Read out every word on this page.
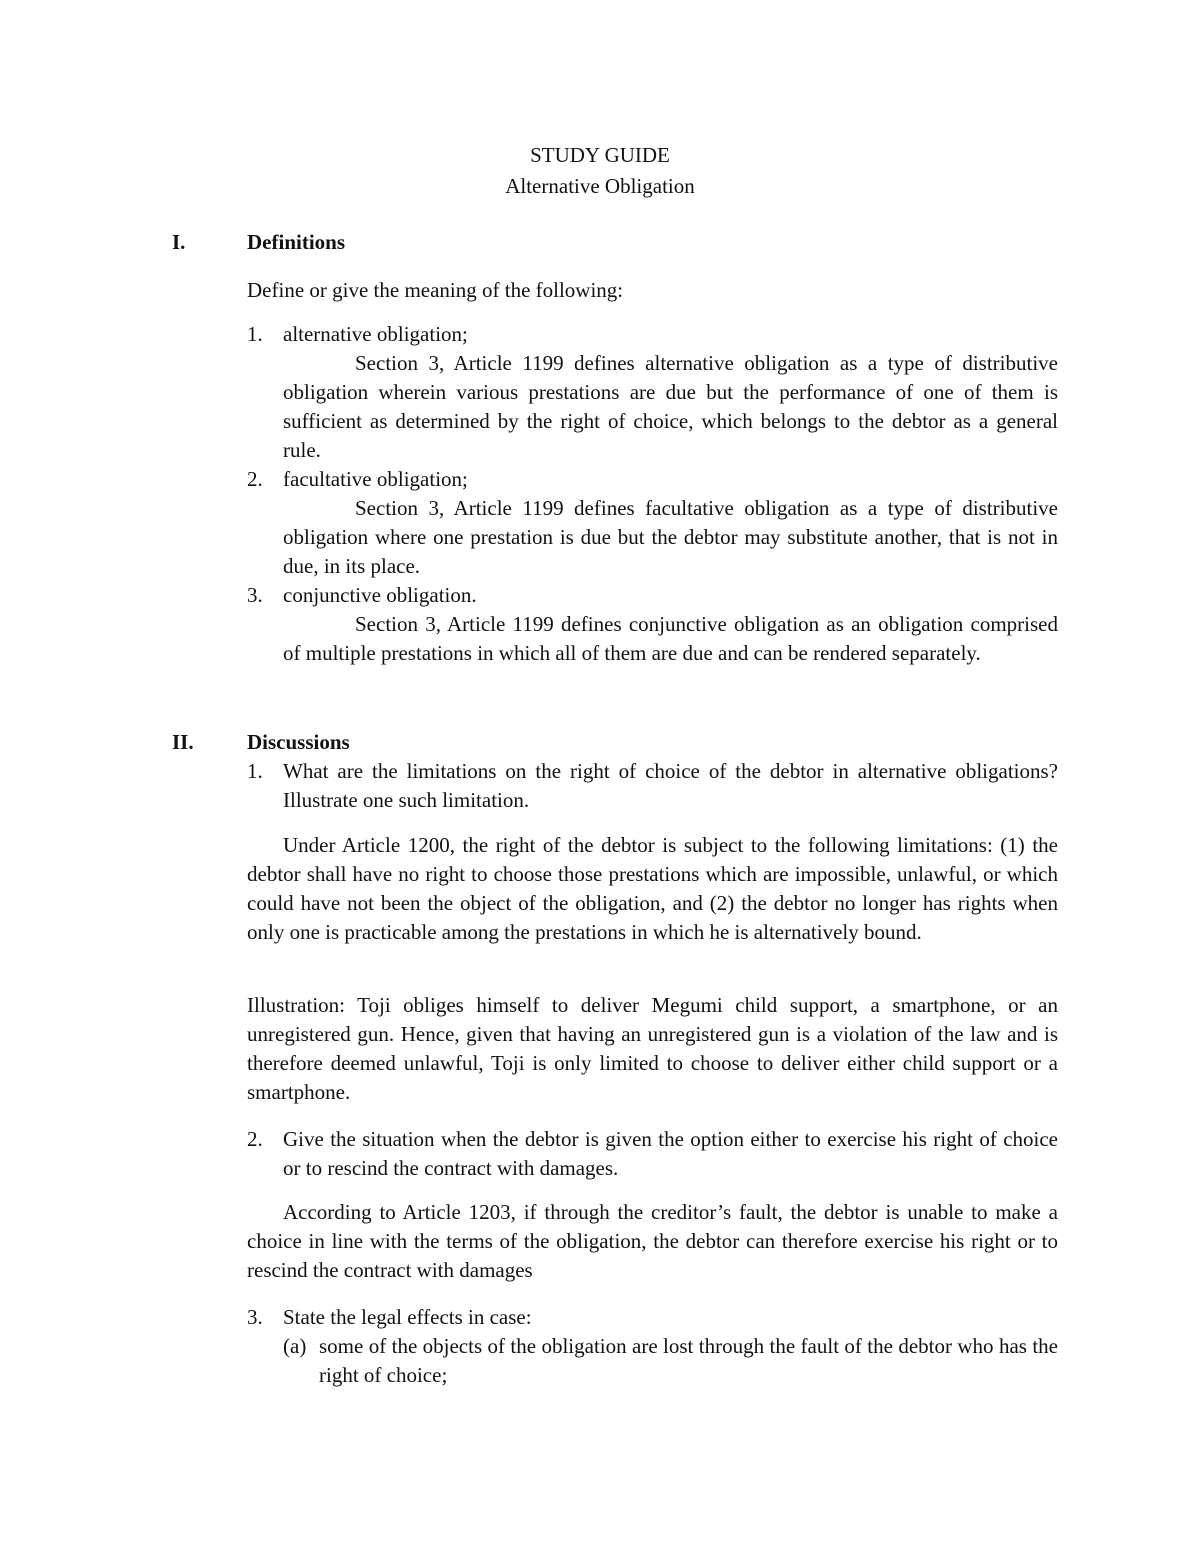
STUDY GUIDE
Alternative Obligation
I.	Definitions
Define or give the meaning of the following:
1. alternative obligation;
Section 3, Article 1199 defines alternative obligation as a type of distributive obligation wherein various prestations are due but the performance of one of them is sufficient as determined by the right of choice, which belongs to the debtor as a general rule.
2. facultative obligation;
Section 3, Article 1199 defines facultative obligation as a type of distributive obligation where one prestation is due but the debtor may substitute another, that is not in due, in its place.
3. conjunctive obligation.
Section 3, Article 1199 defines conjunctive obligation as an obligation comprised of multiple prestations in which all of them are due and can be rendered separately.
II.	Discussions
1. What are the limitations on the right of choice of the debtor in alternative obligations? Illustrate one such limitation.
Under Article 1200, the right of the debtor is subject to the following limitations: (1) the debtor shall have no right to choose those prestations which are impossible, unlawful, or which could have not been the object of the obligation, and (2) the debtor no longer has rights when only one is practicable among the prestations in which he is alternatively bound.
Illustration: Toji obliges himself to deliver Megumi child support, a smartphone, or an unregistered gun. Hence, given that having an unregistered gun is a violation of the law and is therefore deemed unlawful, Toji is only limited to choose to deliver either child support or a smartphone.
2. Give the situation when the debtor is given the option either to exercise his right of choice or to rescind the contract with damages.
According to Article 1203, if through the creditor’s fault, the debtor is unable to make a choice in line with the terms of the obligation, the debtor can therefore exercise his right or to rescind the contract with damages
3. State the legal effects in case:
(a) some of the objects of the obligation are lost through the fault of the debtor who has the right of choice;
